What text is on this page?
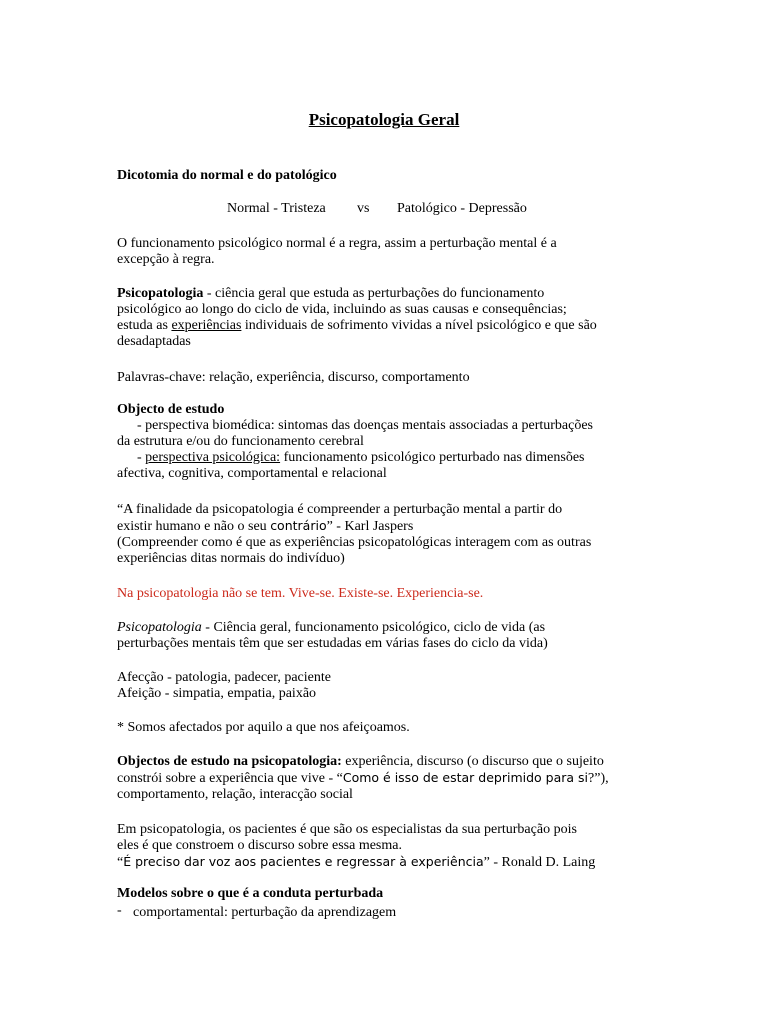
Psicopatologia Geral

Dicotomia do normal e do patológico

Normal - Tristeza vs Patológico - Depressão

O funcionamento psicológico normal é a regra, assim a perturbação mental é a
excepção à regra.

Psicopatologia - ciência geral que estuda as perturbações do funcionamento
psicológico ao longo do ciclo de vida, incluindo as suas causas e consequências;
estuda as experiências individuais de sofrimento vividas a nível psicológico e que são
desadaptadas

Palavras-chave: relação, experiência, discurso, comportamento

Objecto de estudo
- perspectiva biomédica: sintomas das doenças mentais associadas a perturbações
da estrutura e/ou do funcionamento cerebral
- perspectiva psicológica: funcionamento psicológico perturbado nas dimensões
afectiva, cognitiva, comportamental e relacional

“A finalidade da psicopatologia é compreender a perturbação mental a partir do
existir humano e não o seu contrário” - Karl Jaspers
(Compreender como é que as experiências psicopatológicas interagem com as outras
experiências ditas normais do indivíduo)

Na psicopatologia não se tem. Vive-se. Existe-se. Experiencia-se.

Psicopatologia - Ciência geral, funcionamento psicológico, ciclo de vida (as
perturbações mentais têm que ser estudadas em várias fases do ciclo da vida)

Afecção - patologia, padecer, paciente
Afeição - simpatia, empatia, paixão

* Somos afectados por aquilo a que nos afeiçoamos.

Objectos de estudo na psicopatologia: experiência, discurso (o discurso que o sujeito
constrói sobre a experiência que vive - “Como é isso de estar deprimido para si?”),
comportamento, relação, interacção social

Em psicopatologia, os pacientes é que são os especialistas da sua perturbação pois
eles é que constroem o discurso sobre essa mesma.
“É preciso dar voz aos pacientes e regressar à experiência” - Ronald D. Laing

Modelos sobre o que é a conduta perturbada

- comportamental: perturbação da aprendizagem
